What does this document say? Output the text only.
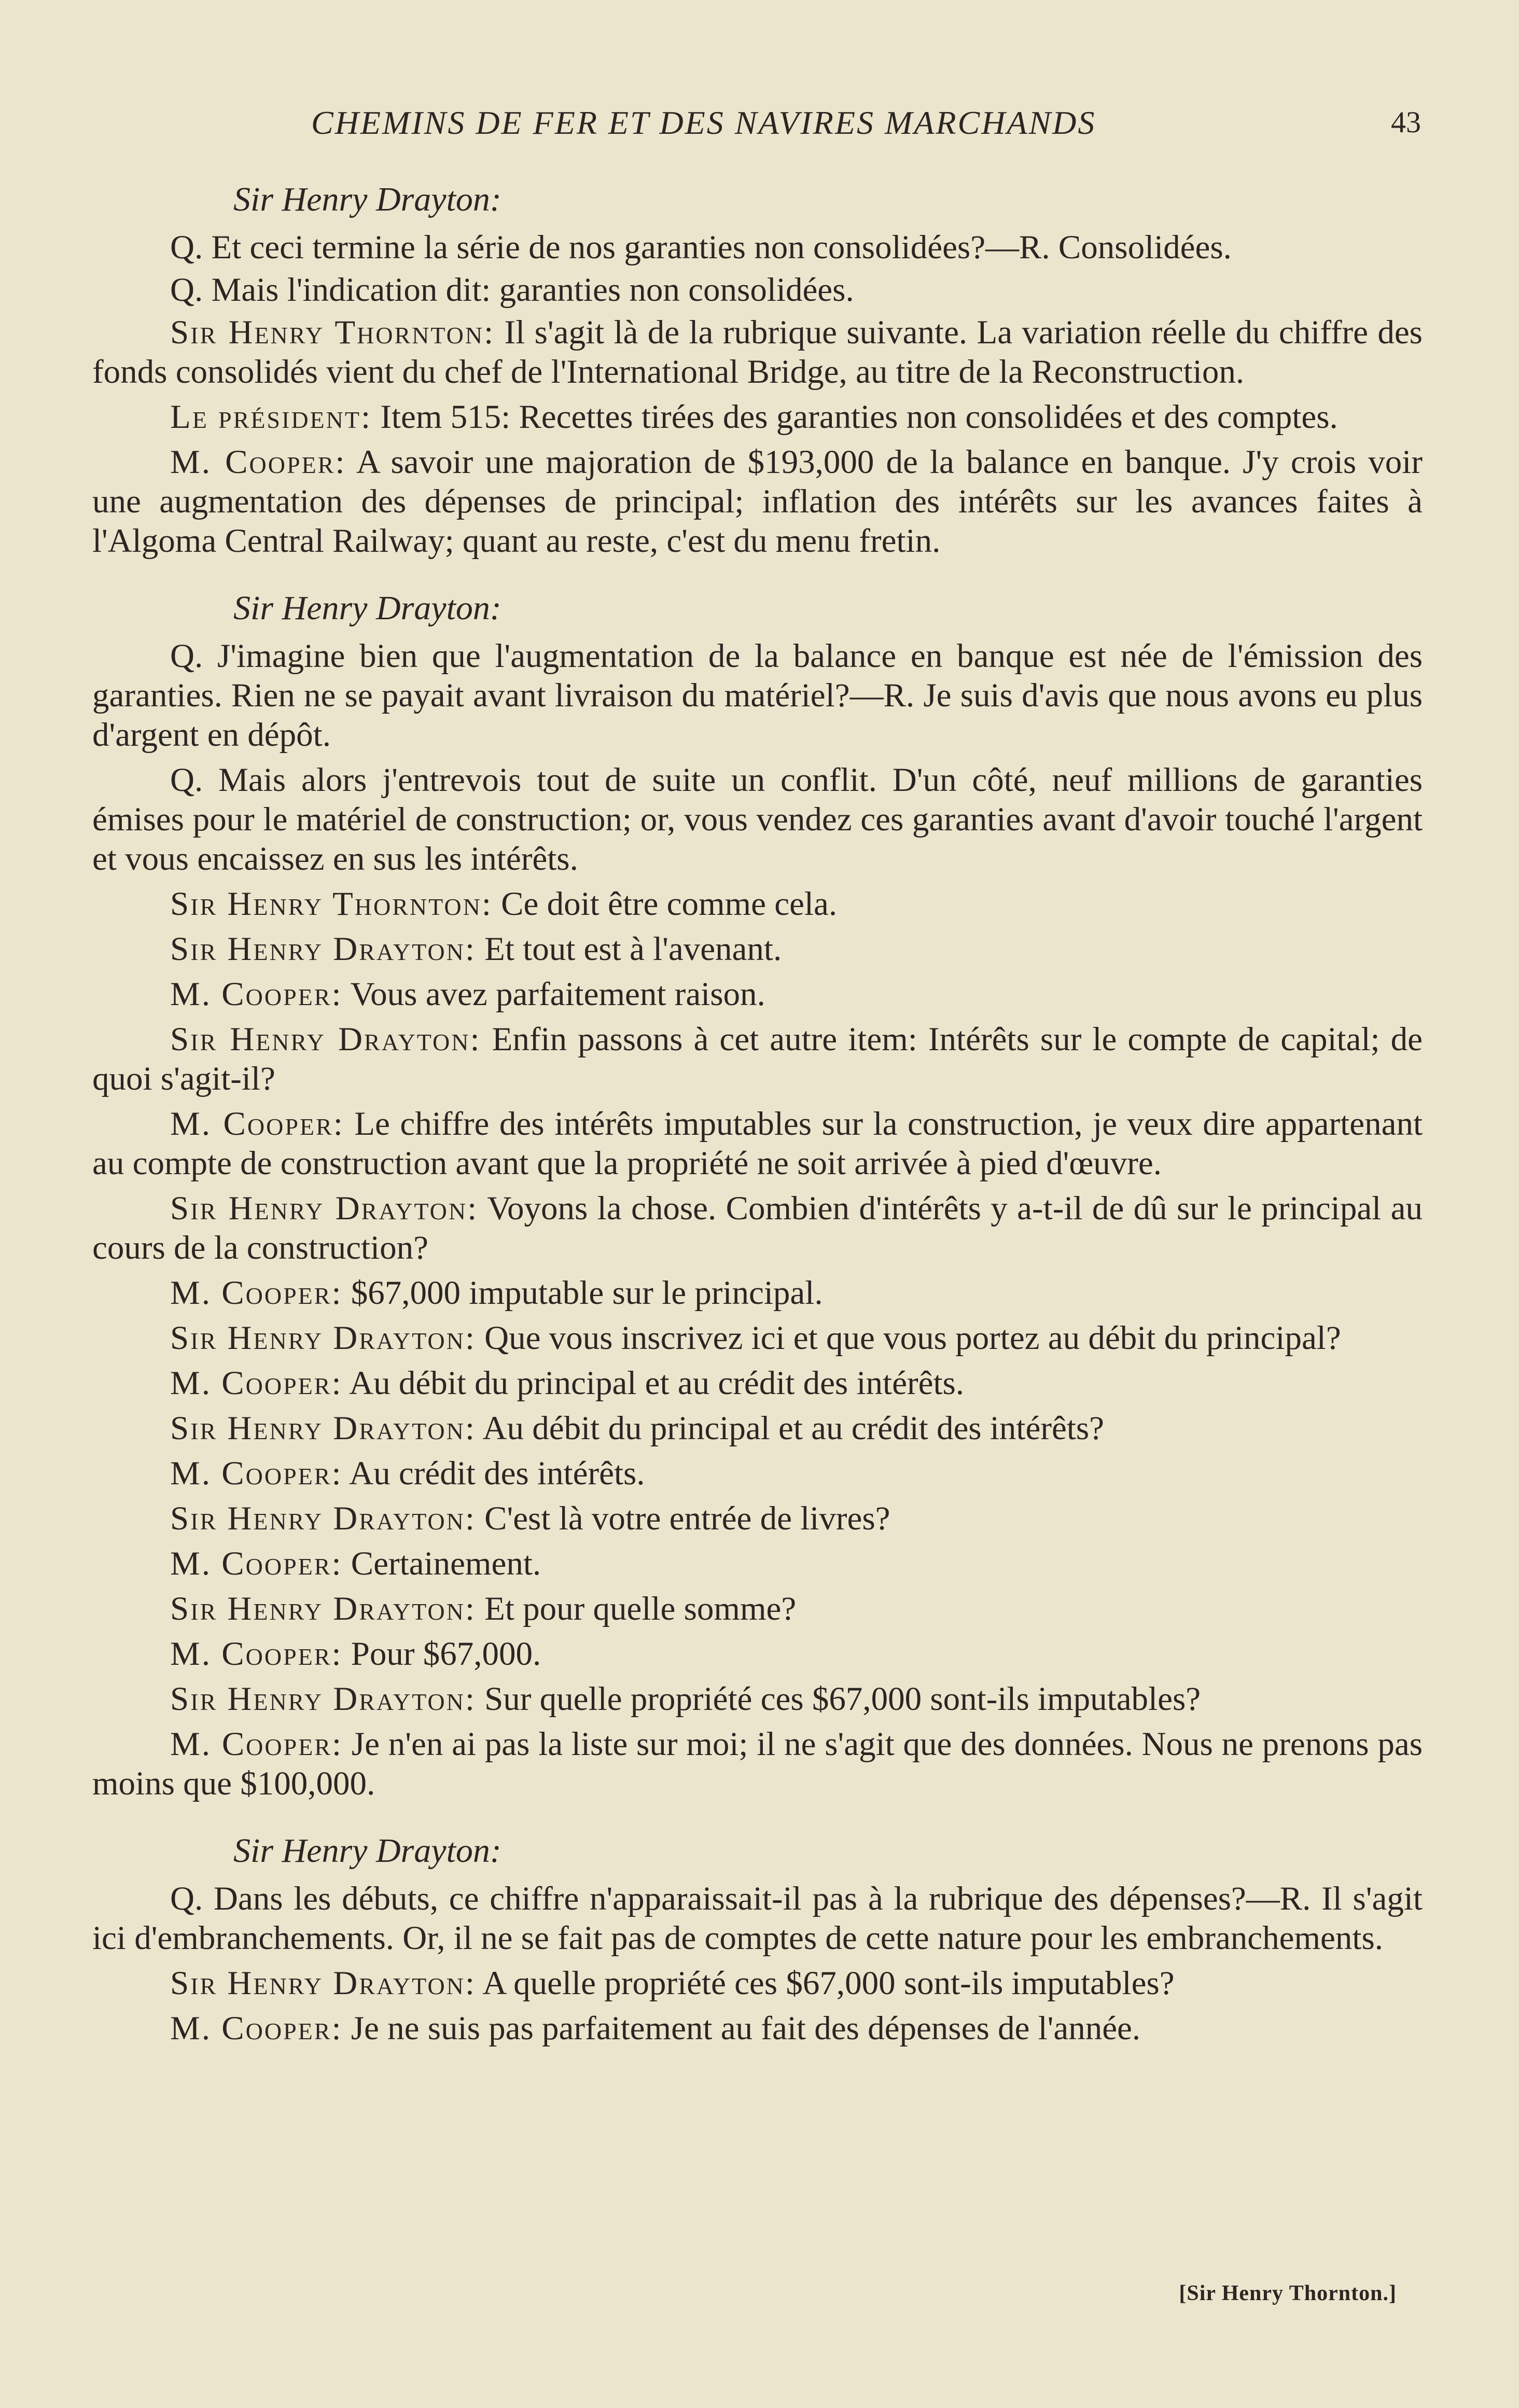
CHEMINS DE FER ET DES NAVIRES MARCHANDS	43
Sir Henry Drayton:

Q. Et ceci termine la série de nos garanties non consolidées?—R. Consolidées.

Q. Mais l'indication dit: garanties non consolidées.

Sir Henry Thornton: Il s'agit là de la rubrique suivante. La variation réelle du chiffre des fonds consolidés vient du chef de l'International Bridge, au titre de la Reconstruction.

Le président: Item 515: Recettes tirées des garanties non consolidées et des comptes.

M. Cooper: A savoir une majoration de $193,000 de la balance en banque. J'y crois voir une augmentation des dépenses de principal; inflation des intérêts sur les avances faites à l'Algoma Central Railway; quant au reste, c'est du menu fretin.

Sir Henry Drayton:

Q. J'imagine bien que l'augmentation de la balance en banque est née de l'émission des garanties. Rien ne se payait avant livraison du matériel?—R. Je suis d'avis que nous avons eu plus d'argent en dépôt.

Q. Mais alors j'entrevois tout de suite un conflit. D'un côté, neuf millions de garanties émises pour le matériel de construction; or, vous vendez ces garanties avant d'avoir touché l'argent et vous encaissez en sus les intérêts.

Sir Henry Thornton: Ce doit être comme cela.

Sir Henry Drayton: Et tout est à l'avenant.

M. Cooper: Vous avez parfaitement raison.

Sir Henry Drayton: Enfin passons à cet autre item: Intérêts sur le compte de capital; de quoi s'agit-il?

M. Cooper: Le chiffre des intérêts imputables sur la construction, je veux dire appartenant au compte de construction avant que la propriété ne soit arrivée à pied d'œuvre.

Sir Henry Drayton: Voyons la chose. Combien d'intérêts y a-t-il de dû sur le principal au cours de la construction?

M. Cooper: $67,000 imputable sur le principal.

Sir Henry Drayton: Que vous inscrivez ici et que vous portez au débit du principal?

M. Cooper: Au débit du principal et au crédit des intérêts.

Sir Henry Drayton: Au débit du principal et au crédit des intérêts?

M. Cooper: Au crédit des intérêts.

Sir Henry Drayton: C'est là votre entrée de livres?

M. Cooper: Certainement.

Sir Henry Drayton: Et pour quelle somme?

M. Cooper: Pour $67,000.

Sir Henry Drayton: Sur quelle propriété ces $67,000 sont-ils imputables?

M. Cooper: Je n'en ai pas la liste sur moi; il ne s'agit que des données. Nous ne prenons pas moins que $100,000.

Sir Henry Drayton:

Q. Dans les débuts, ce chiffre n'apparaissait-il pas à la rubrique des dépenses?—R. Il s'agit ici d'embranchements. Or, il ne se fait pas de comptes de cette nature pour les embranchements.

Sir Henry Drayton: A quelle propriété ces $67,000 sont-ils imputables?

M. Cooper: Je ne suis pas parfaitement au fait des dépenses de l'année.

[Sir Henry Thornton.]
